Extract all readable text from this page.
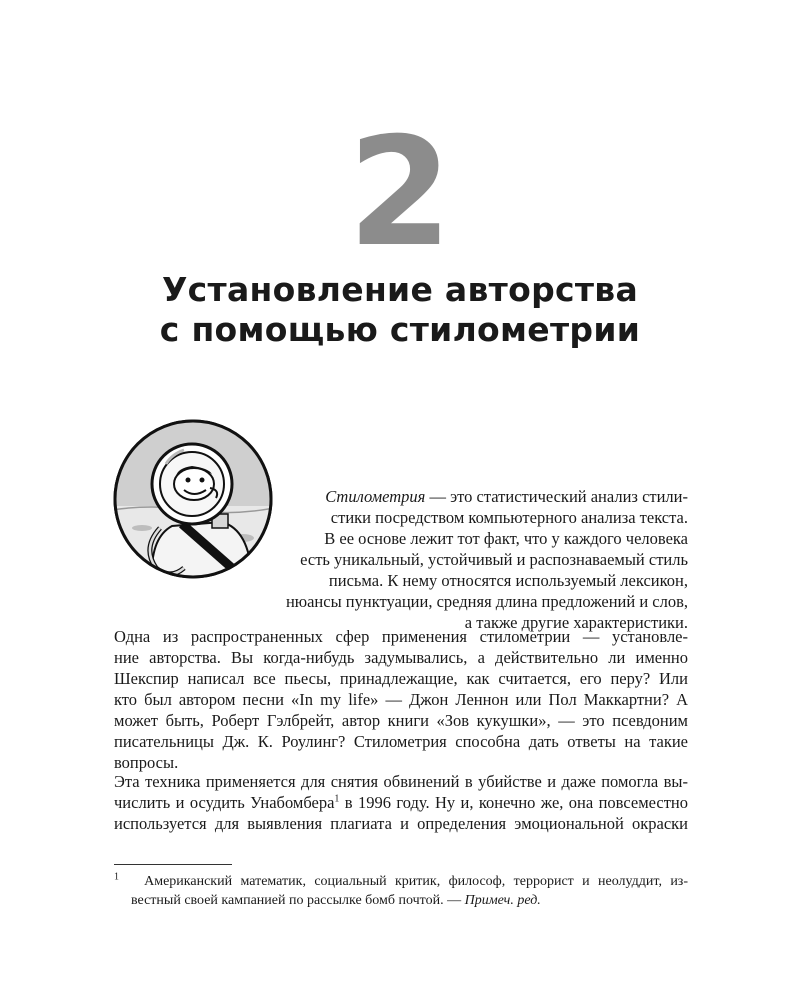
2
Установление авторства
с помощью стилометрии
Стилометрия — это статистический анализ стили-
стики посредством компьютерного анализа текста.
В ее основе лежит тот факт, что у каждого человека
есть уникальный, устойчивый и распознаваемый стиль
письма. К нему относятся используемый лексикон,
нюансы пунктуации, средняя длина предложений и слов,
а также другие характеристики.
Одна из распространенных сфер применения стилометрии — установле-
ние авторства. Вы когда-нибудь задумывались, а действительно ли именно
Шекспир написал все пьесы, принадлежащие, как считается, его перу? Или
кто был автором песни «In my life» — Джон Леннон или Пол Маккартни? А
может быть, Роберт Гэлбрейт, автор книги «Зов кукушки», — это псевдоним
писательницы Дж. К. Роулинг? Стилометрия способна дать ответы на такие
вопросы.
Эта техника применяется для снятия обвинений в убийстве и даже помогла вы-
числить и осудить Унабомбера$^1$ в 1996 году. Ну и, конечно же, она повсеместно
используется для выявления плагиата и определения эмоциональной окраски
$^1$ Американский математик, социальный критик, философ, террорист и неолуддит, из-
вестный своей кампанией по рассылке бомб почтой. — Примеч. ред.
